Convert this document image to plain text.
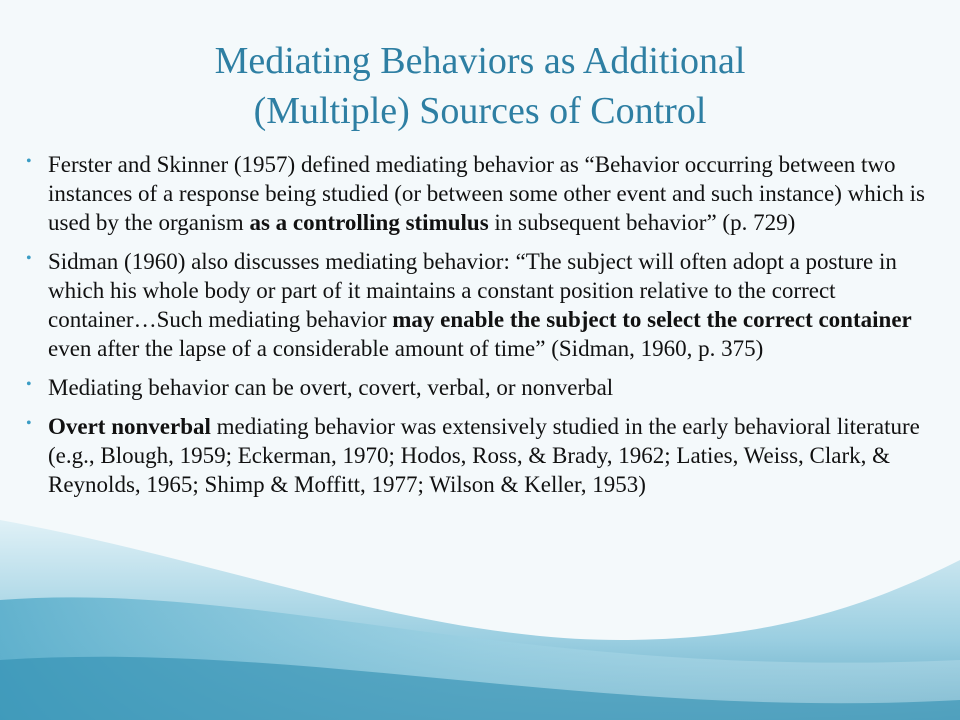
Mediating Behaviors as Additional
(Multiple) Sources of Control
• Ferster and Skinner (1957) defined mediating behavior as “Behavior occurring between two instances of a response being studied (or between some other event and such instance) which is used by the organism as a controlling stimulus in subsequent behavior” (p. 729)
• Sidman (1960) also discusses mediating behavior: “The subject will often adopt a posture in which his whole body or part of it maintains a constant position relative to the correct container…Such mediating behavior may enable the subject to select the correct container even after the lapse of a considerable amount of time” (Sidman, 1960, p. 375)
• Mediating behavior can be overt, covert, verbal, or nonverbal
• Overt nonverbal mediating behavior was extensively studied in the early behavioral literature (e.g., Blough, 1959; Eckerman, 1970; Hodos, Ross, & Brady, 1962; Laties, Weiss, Clark, & Reynolds, 1965; Shimp & Moffitt, 1977; Wilson & Keller, 1953)
